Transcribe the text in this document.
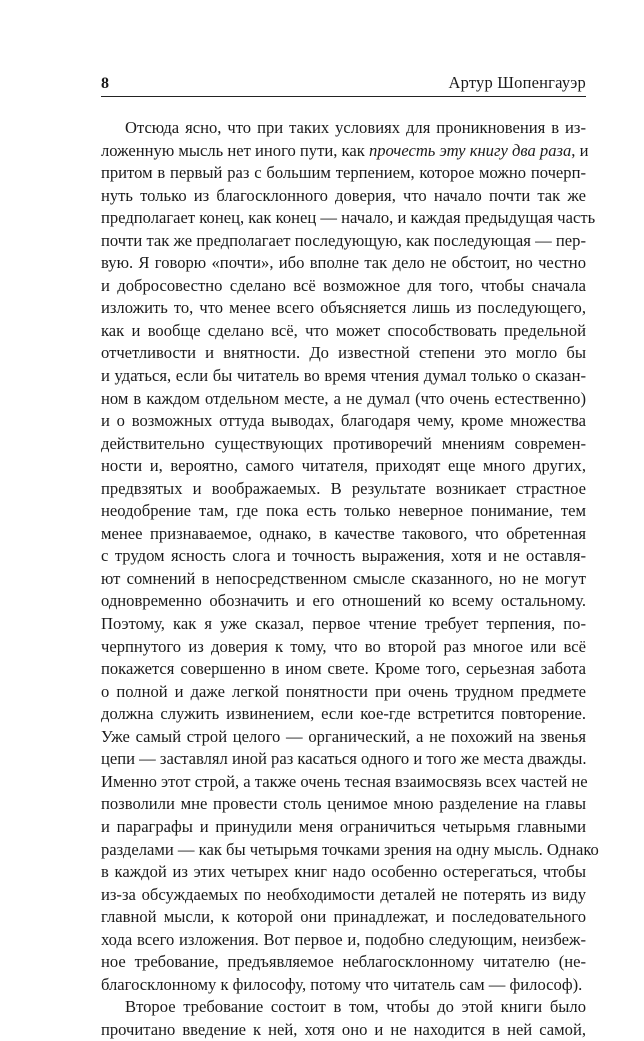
8	Артур Шопенгауэр
Отсюда ясно, что при таких условиях для проникновения в из-
ложенную мысль нет иного пути, как прочесть эту книгу два раза, и
притом в первый раз с большим терпением, которое можно почерп-
нуть только из благосклонного доверия, что начало почти так же
предполагает конец, как конец — начало, и каждая предыдущая часть
почти так же предполагает последующую, как последующая — пер-
вую. Я говорю «почти», ибо вполне так дело не обстоит, но честно
и добросовестно сделано всё возможное для того, чтобы сначала
изложить то, что менее всего объясняется лишь из последующего,
как и вообще сделано всё, что может способствовать предельной
отчетливости и внятности. До известной степени это могло бы
и удаться, если бы читатель во время чтения думал только о сказан-
ном в каждом отдельном месте, а не думал (что очень естественно)
и о возможных оттуда выводах, благодаря чему, кроме множества
действительно существующих противоречий мнениям современ-
ности и, вероятно, самого читателя, приходят еще много других,
предвзятых и воображаемых. В результате возникает страстное
неодобрение там, где пока есть только неверное понимание, тем
менее признаваемое, однако, в качестве такового, что обретенная
с трудом ясность слога и точность выражения, хотя и не оставля-
ют сомнений в непосредственном смысле сказанного, но не могут
одновременно обозначить и его отношений ко всему остальному.
Поэтому, как я уже сказал, первое чтение требует терпения, по-
черпнутого из доверия к тому, что во второй раз многое или всё
покажется совершенно в ином свете. Кроме того, серьезная забота
о полной и даже легкой понятности при очень трудном предмете
должна служить извинением, если кое-где встретится повторение.
Уже самый строй целого — органический, а не похожий на звенья
цепи — заставлял иной раз касаться одного и того же места дважды.
Именно этот строй, а также очень тесная взаимосвязь всех частей не
позволили мне провести столь ценимое мною разделение на главы
и параграфы и принудили меня ограничиться четырьмя главными
разделами — как бы четырьмя точками зрения на одну мысль. Однако
в каждой из этих четырех книг надо особенно остерегаться, чтобы
из-за обсуждаемых по необходимости деталей не потерять из виду
главной мысли, к которой они принадлежат, и последовательного
хода всего изложения. Вот первое и, подобно следующим, неизбеж-
ное требование, предъявляемое неблагосклонному читателю (не-
благосклонному к философу, потому что читатель сам — философ).
Второе требование состоит в том, чтобы до этой книги было
прочитано введение к ней, хотя оно и не находится в ней самой,
